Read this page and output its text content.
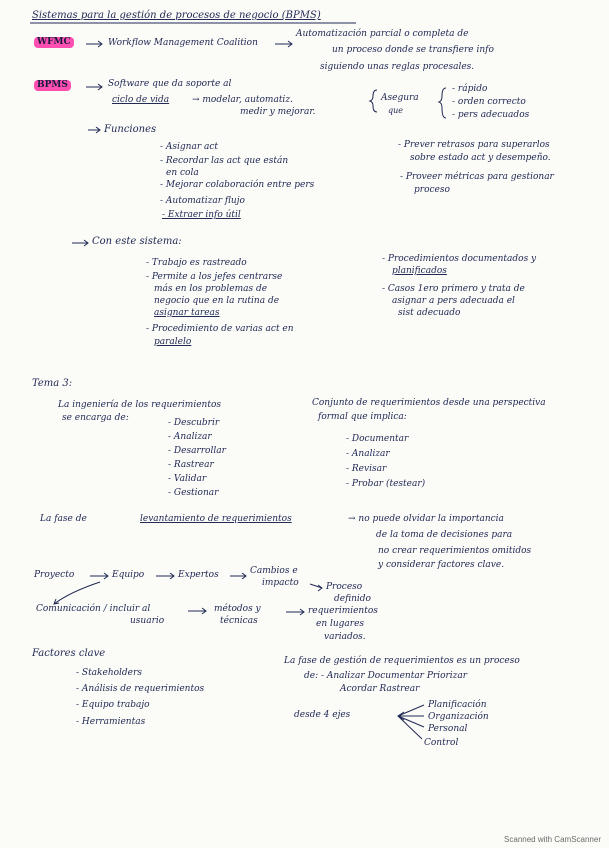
Sistemas para la gestión de procesos de negocio (BPMS)
WFMC	Workflow Management Coalition
Automatización parcial o completa de
un proceso donde se transfiere info
siguiendo unas reglas procesales.
BPMS	Software que da soporte al
ciclo de vida	→ modelar, automatiz.
medir y mejorar.
Asegura
que
- rápido
- orden correcto
- pers adecuados
Funciones
- Asignar act
- Recordar las act que están
en cola
- Mejorar colaboración entre pers
- Automatizar flujo
- Extraer info útil
- Prever retrasos para superarlos
sobre estado act y desempeño.
- Proveer métricas para gestionar
proceso
Con este sistema:
- Trabajo es rastreado
- Permite a los jefes centrarse
más en los problemas de
negocio que en la rutina de
asignar tareas
- Procedimiento de varias act en
paralelo
- Procedimientos documentados y
planificados
- Casos 1ero primero y trata de
asignar a pers adecuada el
sist adecuado
Tema 3:
La ingeniería de los requerimientos
se encarga de:	- Descubrir
- Analizar
- Desarrollar
- Rastrear
- Validar
- Gestionar
Conjunto de requerimientos desde una perspectiva
formal que implica:
- Documentar
- Analizar
- Revisar
- Probar (testear)
La fase de	levantamiento de requerimientos	→ no puede olvidar la importancia
de la toma de decisiones para
no crear requerimientos omitidos
y considerar factores clave.
Proyecto	Equipo	Expertos	Cambios e
impacto	Proceso
definido
Comunicación / incluir al
usuario
métodos y
técnicas
requerimientos
en lugares
variados.
Factores clave
- Stakeholders
- Análisis de requerimientos
- Equipo trabajo
- Herramientas
La fase de gestión de requerimientos es un proceso
de: - Analizar Documentar Priorizar
Acordar Rastrear
desde 4 ejes
Planificación
Organización
Personal
Control
Scanned with CamScanner
